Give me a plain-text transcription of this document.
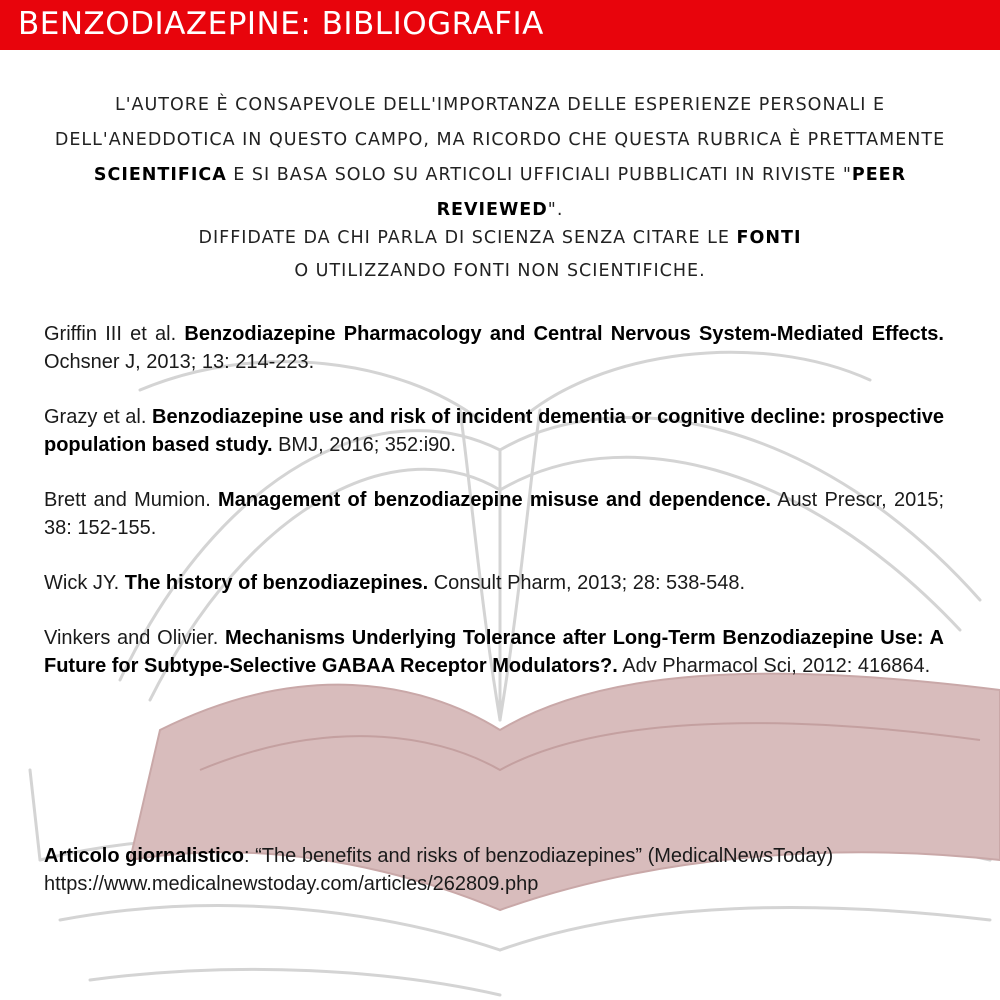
BENZODIAZEPINE: BIBLIOGRAFIA

L'AUTORE È CONSAPEVOLE DELL'IMPORTANZA DELLE ESPERIENZE PERSONALI E

DELL'ANEDDOTICA IN QUESTO CAMPO, MA RICORDO CHE QUESTA RUBRICA È PRETTAMENTE

SCIENTIFICA E SI BASA SOLO SU ARTICOLI UFFICIALI PUBBLICATI IN RIVISTE "PEER REVIEWED".

DIFFIDATE DA CHI PARLA DI SCIENZA SENZA CITARE LE FONTI

O UTILIZZANDO FONTI NON SCIENTIFICHE.

Griffin III et al. Benzodiazepine Pharmacology and Central Nervous System-Mediated Effects. Ochsner J, 2013; 13: 214-223.

Grazy et al. Benzodiazepine use and risk of incident dementia or cognitive decline: prospective population based study. BMJ, 2016; 352:i90.

Brett and Mumion. Management of benzodiazepine misuse and dependence. Aust Prescr, 2015; 38: 152-155.

Wick JY. The history of benzodiazepines. Consult Pharm, 2013; 28: 538-548.

Vinkers and Olivier. Mechanisms Underlying Tolerance after Long-Term Benzodiazepine Use: A Future for Subtype-Selective GABAA Receptor Modulators?. Adv Pharmacol Sci, 2012: 416864.

Articolo giornalistico: “The benefits and risks of benzodiazepines” (MedicalNewsToday)

https://www.medicalnewstoday.com/articles/262809.php
